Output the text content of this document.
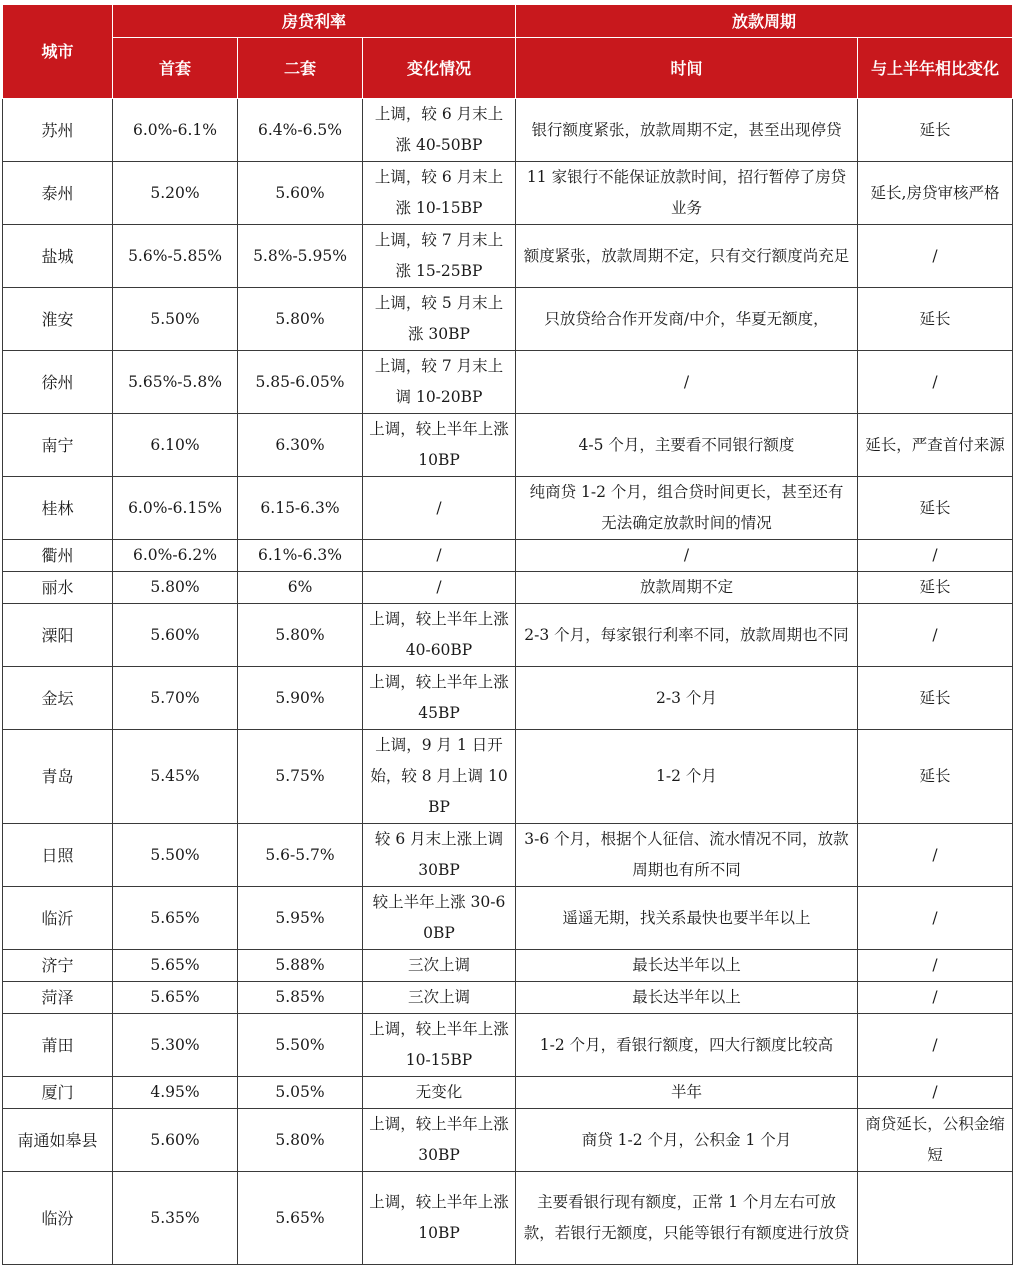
城市	房贷利率			放款周期	
	首套	二套	变化情况	时间	与上半年相比变化
苏州	6.0%-6.1%	6.4%-6.5%	上调，较 6 月末上涨 40-50BP	银行额度紧张，放款周期不定，甚至出现停贷	延长
泰州	5.20%	5.60%	上调，较 6 月末上涨 10-15BP	11 家银行不能保证放款时间，招行暂停了房贷业务	延长,房贷审核严格
盐城	5.6%-5.85%	5.8%-5.95%	上调，较 7 月末上涨 15-25BP	额度紧张，放款周期不定，只有交行额度尚充足	/
淮安	5.50%	5.80%	上调，较 5 月末上涨 30BP	只放贷给合作开发商/中介，华夏无额度，	延长
徐州	5.65%-5.8%	5.85-6.05%	上调，较 7 月末上调 10-20BP	/	/
南宁	6.10%	6.30%	上调，较上半年上涨 10BP	4-5 个月，主要看不同银行额度	延长，严查首付来源
桂林	6.0%-6.15%	6.15-6.3%	/	纯商贷 1-2 个月，组合贷时间更长，甚至还有无法确定放款时间的情况	延长
衢州	6.0%-6.2%	6.1%-6.3%	/	/	/
丽水	5.80%	6%	/	放款周期不定	延长
溧阳	5.60%	5.80%	上调，较上半年上涨 40-60BP	2-3 个月，每家银行利率不同，放款周期也不同	/
金坛	5.70%	5.90%	上调，较上半年上涨 45BP	2-3 个月	延长
青岛	5.45%	5.75%	上调，9 月 1 日开始，较 8 月上调 10BP	1-2 个月	延长
日照	5.50%	5.6-5.7%	较 6 月末上涨上调 30BP	3-6 个月，根据个人征信、流水情况不同，放款周期也有所不同	/
临沂	5.65%	5.95%	较上半年上涨 30-60BP	遥遥无期，找关系最快也要半年以上	/
济宁	5.65%	5.88%	三次上调	最长达半年以上	/
菏泽	5.65%	5.85%	三次上调	最长达半年以上	/
莆田	5.30%	5.50%	上调，较上半年上涨 10-15BP	1-2 个月，看银行额度，四大行额度比较高	/
厦门	4.95%	5.05%	无变化	半年	/
南通如皋县	5.60%	5.80%	上调，较上半年上涨 30BP	商贷 1-2 个月，公积金 1 个月	商贷延长，公积金缩短
临汾	5.35%	5.65%	上调，较上半年上涨 10BP	主要看银行现有额度，正常 1 个月左右可放款，若银行无额度，只能等银行有额度进行放贷	
